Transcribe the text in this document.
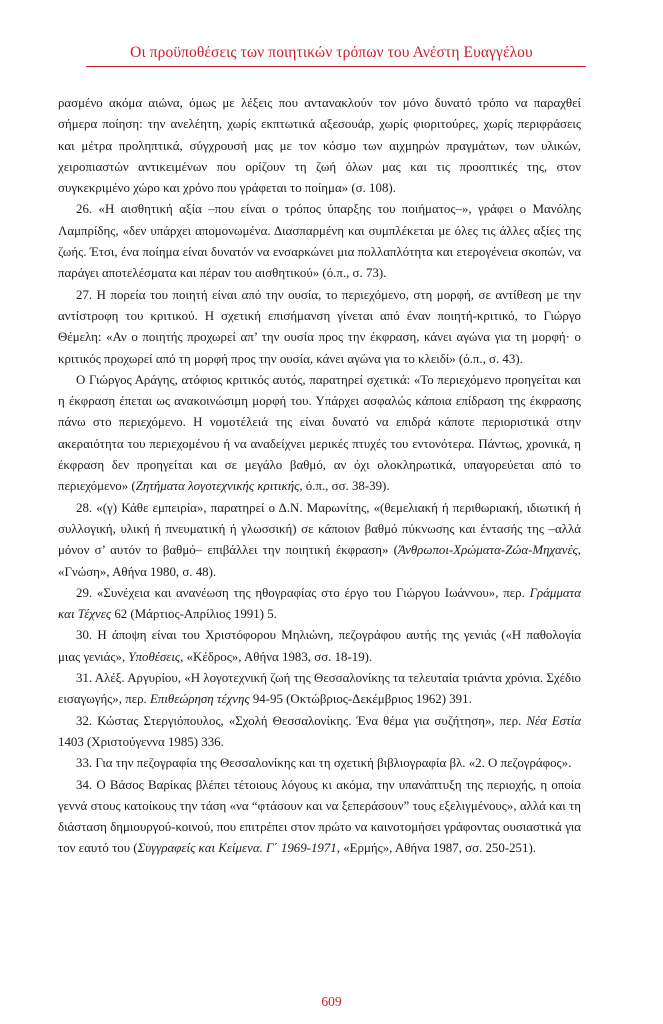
Οι προϋποθέσεις των ποιητικών τρόπων του Ανέστη Ευαγγέλου

ρασμένο ακόμα αιώνα, όμως με λέξεις που αντανακλούν τον μόνο δυνατό τρόπο να παραχθεί σήμερα ποίηση: την ανελέητη, χωρίς εκπτωτικά αξεσουάρ, χωρίς φιοριτούρες, χωρίς περιφράσεις και μέτρα προληπτικά, σύγχρουσή μας με τον κόσμο των αιχμηρών πραγμάτων, των υλικών, χειροπιαστών αντικειμένων που ορίζουν τη ζωή όλων μας και τις προοπτικές της, στον συγκεκριμένο χώρο και χρόνο που γράφεται το ποίημα» (σ. 108).

26. «Η αισθητική αξία –που είναι ο τρόπος ύπαρξης του ποιήματος–», γράφει ο Μανόλης Λαμπρίδης, «δεν υπάρχει απομονωμένα. Διασπαρμένη και συμπλέκεται με όλες τις άλλες αξίες της ζωής. Έτσι, ένα ποίημα είναι δυνατόν να ενσαρκώνει μια πολλαπλότητα και ετερογένεια σκοπών, να παράγει αποτελέσματα και πέραν του αισθητικού» (ό.π., σ. 73).

27. Η πορεία του ποιητή είναι από την ουσία, το περιεχόμενο, στη μορφή, σε αντίθεση με την αντίστροφη του κριτικού. Η σχετική επισήμανση γίνεται από έναν ποιητή-κριτικό, το Γιώργο Θέμελη: «Αν ο ποιητής προχωρεί απ’ την ουσία προς την έκφραση, κάνει αγώνα για τη μορφή· ο κριτικός προχωρεί από τη μορφή προς την ουσία, κάνει αγώνα για το κλειδί» (ό.π., σ. 43).

Ο Γιώργος Αράγης, ατόφιος κριτικός αυτός, παρατηρεί σχετικά: «Το περιεχόμενο προηγείται και η έκφραση έπεται ως ανακοινώσιμη μορφή του. Υπάρχει ασφαλώς κάποια επίδραση της έκφρασης πάνω στο περιεχόμενο. Η νομοτέλειά της είναι δυνατό να επιδρά κάποτε περιοριστικά στην ακεραιότητα του περιεχομένου ή να αναδείχνει μερικές πτυχές του εντονότερα. Πάντως, χρονικά, η έκφραση δεν προηγείται και σε μεγάλο βαθμό, αν όχι ολοκληρωτικά, υπαγορεύεται από το περιεχόμενο» (Ζητήματα λογοτεχνικής κριτικής, ό.π., σσ. 38-39).

28. «(γ) Κάθε εμπειρία», παρατηρεί ο Δ.Ν. Μαρωνίτης, «(θεμελιακή ή περιθωριακή, ιδιωτική ή συλλογική, υλική ή πνευματική ή γλωσσική) σε κάποιον βαθμό πύκνωσης και έντασής της –αλλά μόνον σ’ αυτόν το βαθμό– επιβάλλει την ποιητική έκφραση» (Άνθρωποι-Χρώματα-Ζώα-Μηχανές, «Γνώση», Αθήνα 1980, σ. 48).

29. «Συνέχεια και ανανέωση της ηθογραφίας στο έργο του Γιώργου Ιωάννου», περ. Γράμματα και Τέχνες 62 (Μάρτιος-Απρίλιος 1991) 5.

30. Η άποψη είναι του Χριστόφορου Μηλιώνη, πεζογράφου αυτής της γενιάς («Η παθολογία μιας γενιάς», Υποθέσεις, «Κέδρος», Αθήνα 1983, σσ. 18-19).

31. Αλέξ. Αργυρίου, «Η λογοτεχνική ζωή της Θεσσαλονίκης τα τελευταία τριάντα χρόνια. Σχέδιο εισαγωγής», περ. Επιθεώρηση τέχνης 94-95 (Οκτώβριος-Δεκέμβριος 1962) 391.

32. Κώστας Στεργιόπουλος, «Σχολή Θεσσαλονίκης. Ένα θέμα για συζήτηση», περ. Νέα Εστία 1403 (Χριστούγεννα 1985) 336.

33. Για την πεζογραφία της Θεσσαλονίκης και τη σχετική βιβλιογραφία βλ. «2. Ο πεζογράφος».

34. Ο Βάσος Βαρίκας βλέπει τέτοιους λόγους κι ακόμα, την υπανάπτυξη της περιοχής, η οποία γεννά στους κατοίκους την τάση «να “φτάσουν και να ξεπεράσουν” τους εξελιγμένους», αλλά και τη διάσταση δημιουργού-κοινού, που επιτρέπει στον πρώτο να καινοτομήσει γράφοντας ουσιαστικά για τον εαυτό του (Συγγραφείς και Κείμενα. Γ΄ 1969-1971, «Ερμής», Αθήνα 1987, σσ. 250-251).

609
